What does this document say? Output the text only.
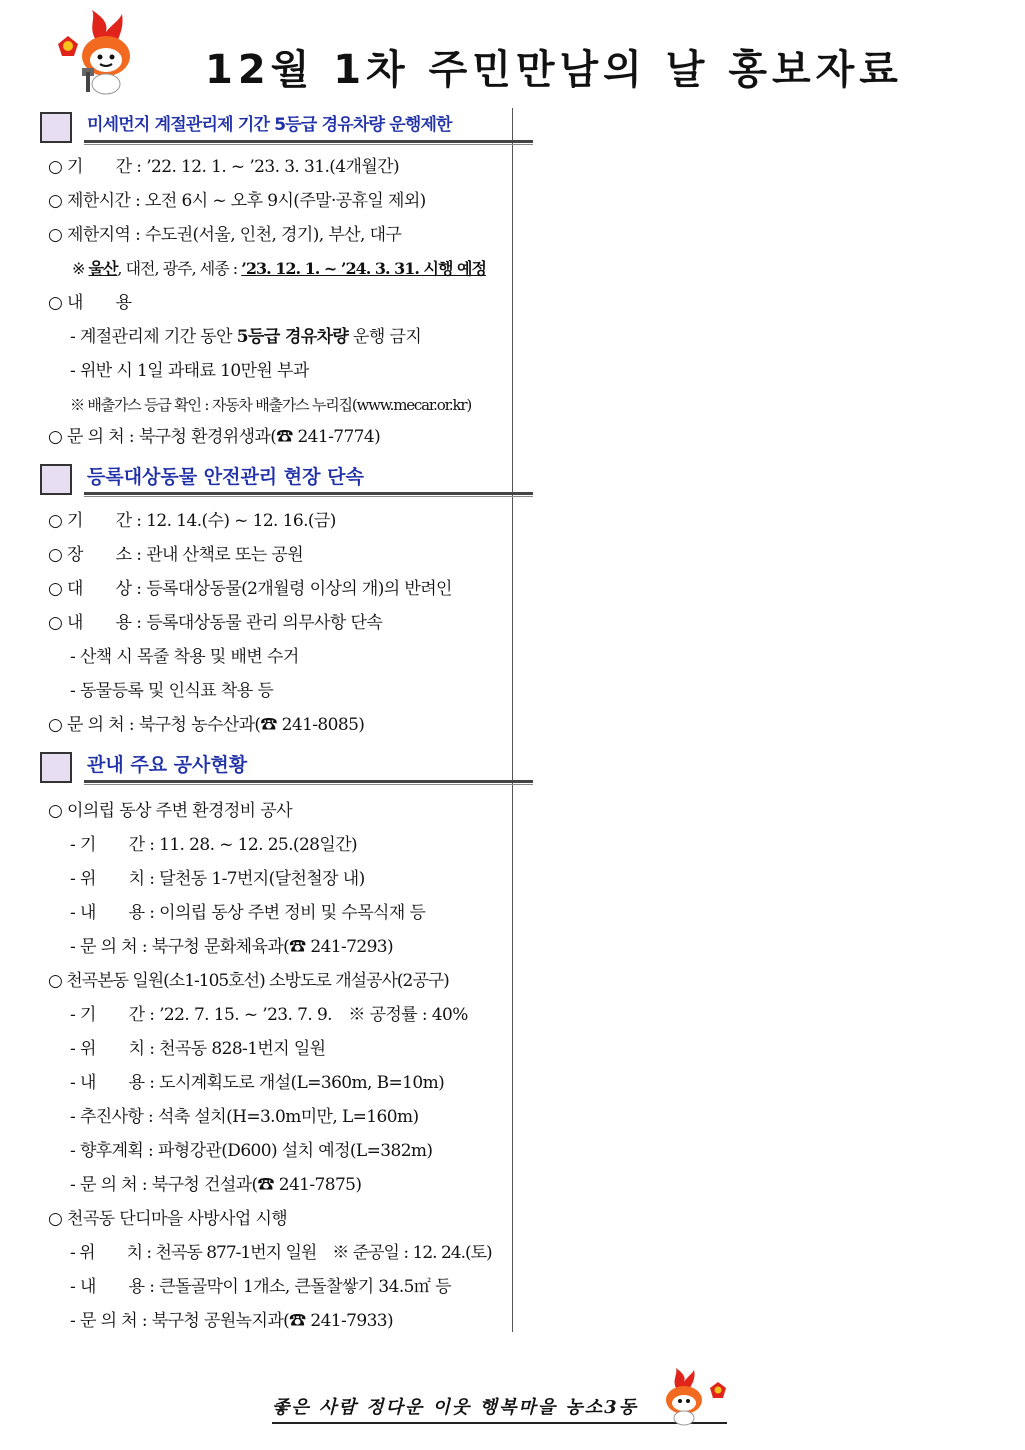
12월 1차 주민만남의 날 홍보자료
미세먼지 계절관리제 기간 5등급 경유차량 운행제한
○ 기　　간 : ’22. 12. 1. ~ ’23. 3. 31.(4개월간)
○ 제한시간 : 오전 6시 ~ 오후 9시(주말·공휴일 제외)
○ 제한지역 : 수도권(서울, 인천, 경기), 부산, 대구
※ 울산, 대전, 광주, 세종 : ’23. 12. 1. ~ ’24. 3. 31. 시행 예정
○ 내　　용
- 계절관리제 기간 동안 5등급 경유차량 운행 금지
- 위반 시 1일 과태료 10만원 부과
※ 배출가스 등급 확인 : 자동차 배출가스 누리집(www.mecar.or.kr)
○ 문 의 처 : 북구청 환경위생과(☎ 241-7774)
등록대상동물 안전관리 현장 단속
○ 기　　간 : 12. 14.(수) ~ 12. 16.(금)
○ 장　　소 : 관내 산책로 또는 공원
○ 대　　상 : 등록대상동물(2개월령 이상의 개)의 반려인
○ 내　　용 : 등록대상동물 관리 의무사항 단속
- 산책 시 목줄 착용 및 배변 수거
- 동물등록 및 인식표 착용 등
○ 문 의 처 : 북구청 농수산과(☎ 241-8085)
관내 주요 공사현황
○ 이의립 동상 주변 환경정비 공사
- 기　　간 : 11. 28. ~ 12. 25.(28일간)
- 위　　치 : 달천동 1-7번지(달천철장 내)
- 내　　용 : 이의립 동상 주변 정비 및 수목식재 등
- 문 의 처 : 북구청 문화체육과(☎ 241-7293)
○ 천곡본동 일원(소1-105호선) 소방도로 개설공사(2공구)
- 기　　간 : ’22. 7. 15. ~ ’23. 7. 9.　※ 공정률 : 40%
- 위　　치 : 천곡동 828-1번지 일원
- 내　　용 : 도시계획도로 개설(L=360m, B=10m)
- 추진사항 : 석축 설치(H=3.0m미만, L=160m)
- 향후계획 : 파형강관(D600) 설치 예정(L=382m)
- 문 의 처 : 북구청 건설과(☎ 241-7875)
○ 천곡동 단디마을 사방사업 시행
- 위　　치 : 천곡동 877-1번지 일원　※ 준공일 : 12. 24.(토)
- 내　　용 : 큰돌골막이 1개소, 큰돌찰쌓기 34.5㎡ 등
- 문 의 처 : 북구청 공원녹지과(☎ 241-7933)
좋은 사람 정다운 이웃 행복마을 농소3동
